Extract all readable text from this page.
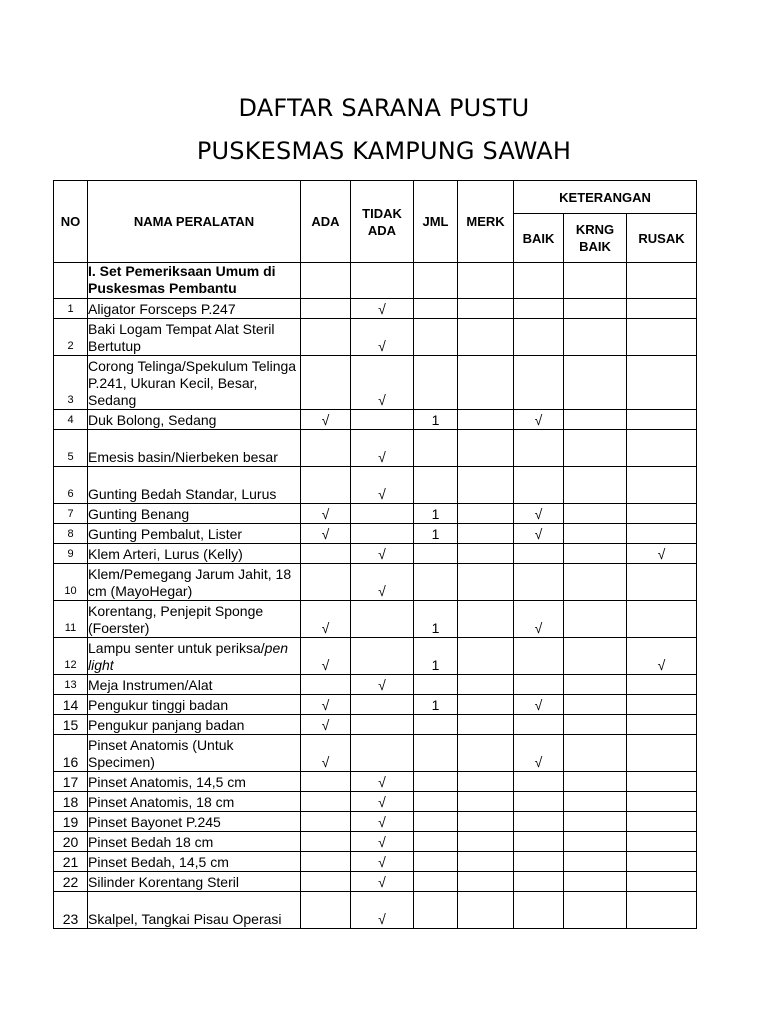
DAFTAR SARANA PUSTU
PUSKESMAS KAMPUNG SAWAH
NO	NAMA PERALATAN	ADA	TIDAK ADA	JML	MERK	KETERANGAN		
						BAIK	KRNG BAIK	RUSAK
	I. Set Pemeriksaan Umum di Puskesmas Pembantu							
1	Aligator Forsceps P.247		√					
2	Baki Logam Tempat Alat Steril Bertutup		√					
3	Corong Telinga/Spekulum Telinga P.241, Ukuran Kecil, Besar, Sedang		√					
4	Duk Bolong, Sedang	√		1		√		
5	Emesis basin/Nierbeken besar		√					
6	Gunting Bedah Standar, Lurus		√					
7	Gunting Benang	√		1		√		
8	Gunting Pembalut, Lister	√		1		√		
9	Klem Arteri, Lurus (Kelly)		√					√
10	Klem/Pemegang Jarum Jahit, 18 cm (MayoHegar)		√					
11	Korentang, Penjepit Sponge (Foerster)	√		1		√		
12	Lampu senter untuk periksa/pen light	√		1				√
13	Meja Instrumen/Alat		√					
14	Pengukur tinggi badan	√		1		√		
15	Pengukur panjang badan	√						
16	Pinset Anatomis (Untuk Specimen)	√				√		
17	Pinset Anatomis, 14,5 cm		√					
18	Pinset Anatomis, 18 cm		√					
19	Pinset Bayonet P.245		√					
20	Pinset Bedah 18 cm		√					
21	Pinset Bedah, 14,5 cm		√					
22	Silinder Korentang Steril		√					
23	Skalpel, Tangkai Pisau Operasi		√					
